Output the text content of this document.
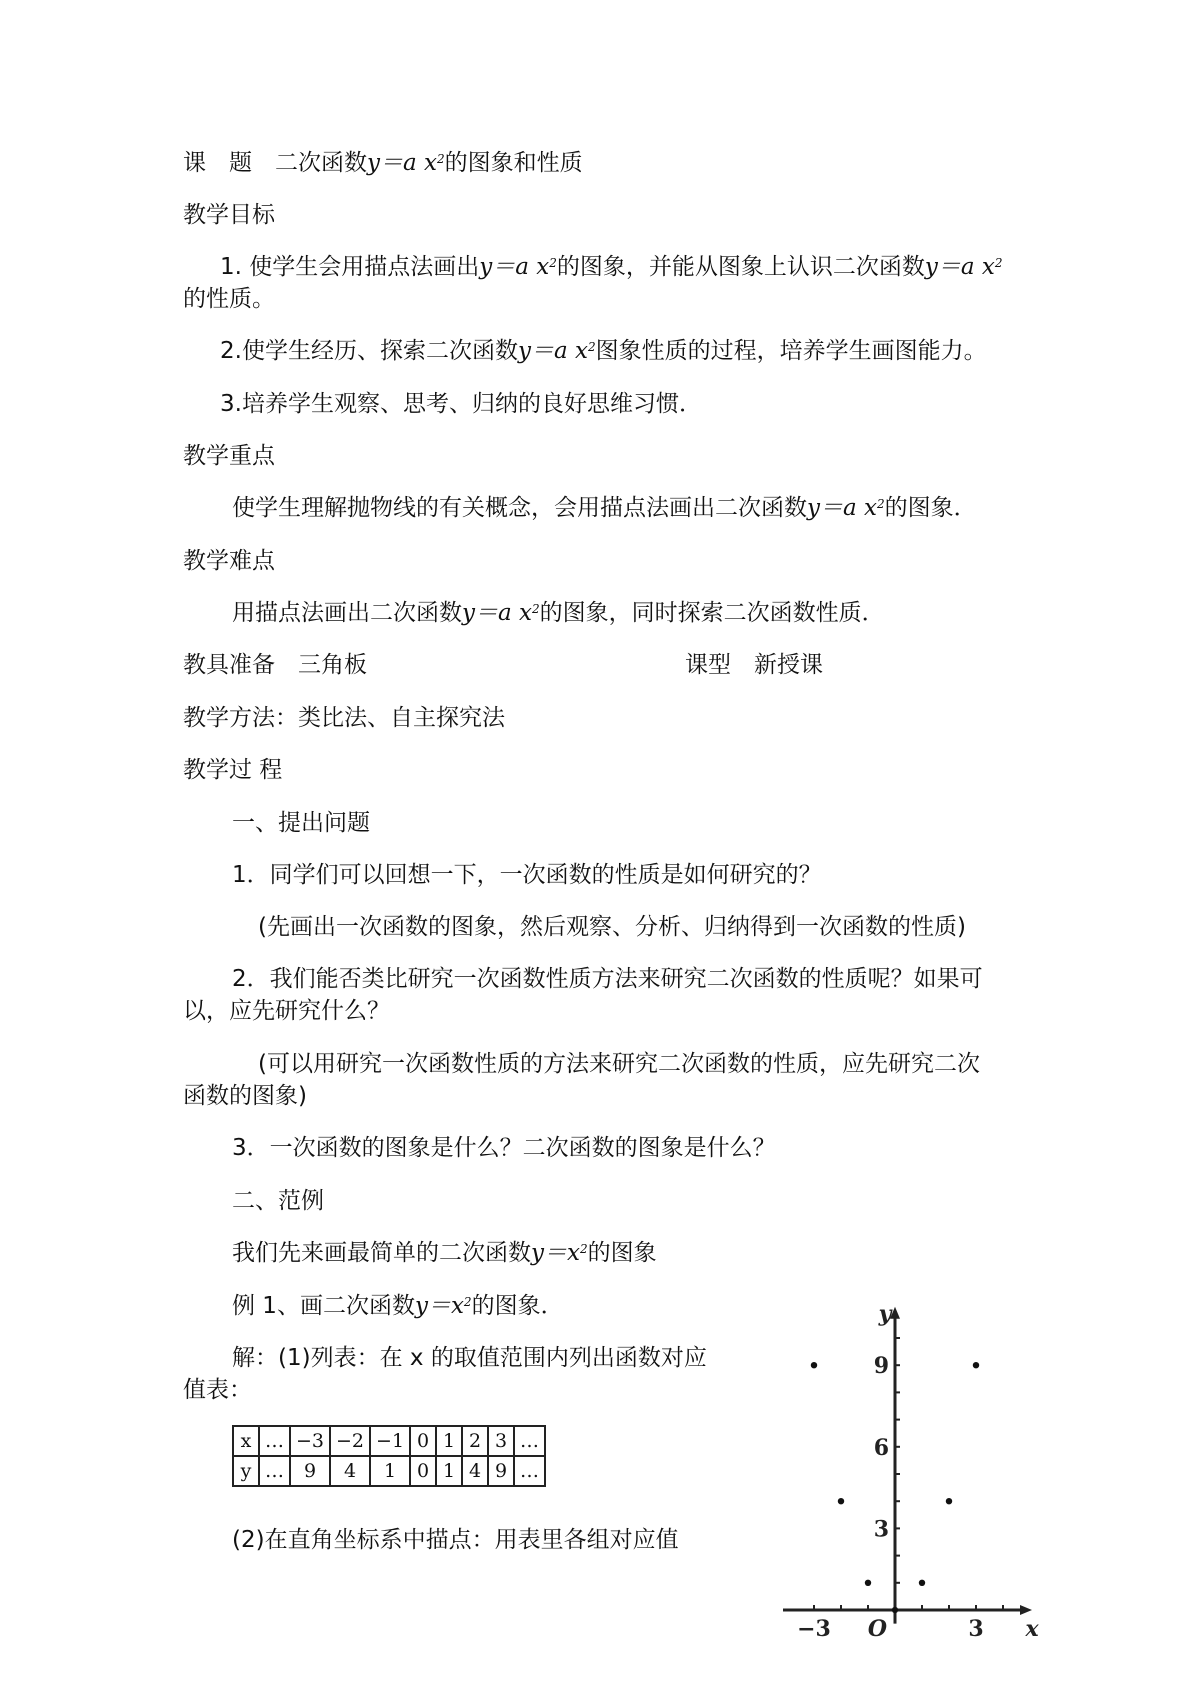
课　题　 二次函数y＝a $x^2$的图象和性质
教学目标
1. 使学生会用描点法画出y＝a $x^2$的图象，并能从图象上认识二次函数y＝a $x^2$
的性质。
2.使学生经历、探索二次函数y＝a $x^2$图象性质的过程，培养学生画图能力。
3.培养学生观察、思考、归纳的良好思维习惯．
教学重点
使学生理解抛物线的有关概念，会用描点法画出二次函数y＝a $x^2$的图象．
教学难点
用描点法画出二次函数y＝a $x^2$的图象，同时探索二次函数性质．
教具准备　 三角板	课型　 新授课
教学方法：类比法、自主探究法
教学过 程
一、提出问题
1．同学们可以回想一下，一次函数的性质是如何研究的？
(先画出一次函数的图象，然后观察、分析、归纳得到一次函数的性质)
2．我们能否类比研究一次函数性质方法来研究二次函数的性质呢？如果可
以，应先研究什么？
(可以用研究一次函数性质的方法来研究二次函数的性质，应先研究二次
函数的图象)
3．一次函数的图象是什么？二次函数的图象是什么？
二、范例
我们先来画最简单的二次函数$y=x^2$的图象
例 1、画二次函数$y=x^2$的图象．
解：(1)列表：在 x 的取值范围内列出函数对应
值表：
x	…	−3	−2	−1	0	1	2	3	…
y	…	9	4	1	0	1	4	9	…
(2)在直角坐标系中描点：用表里各组对应值
−3	3
3
6
9
O	x
y
